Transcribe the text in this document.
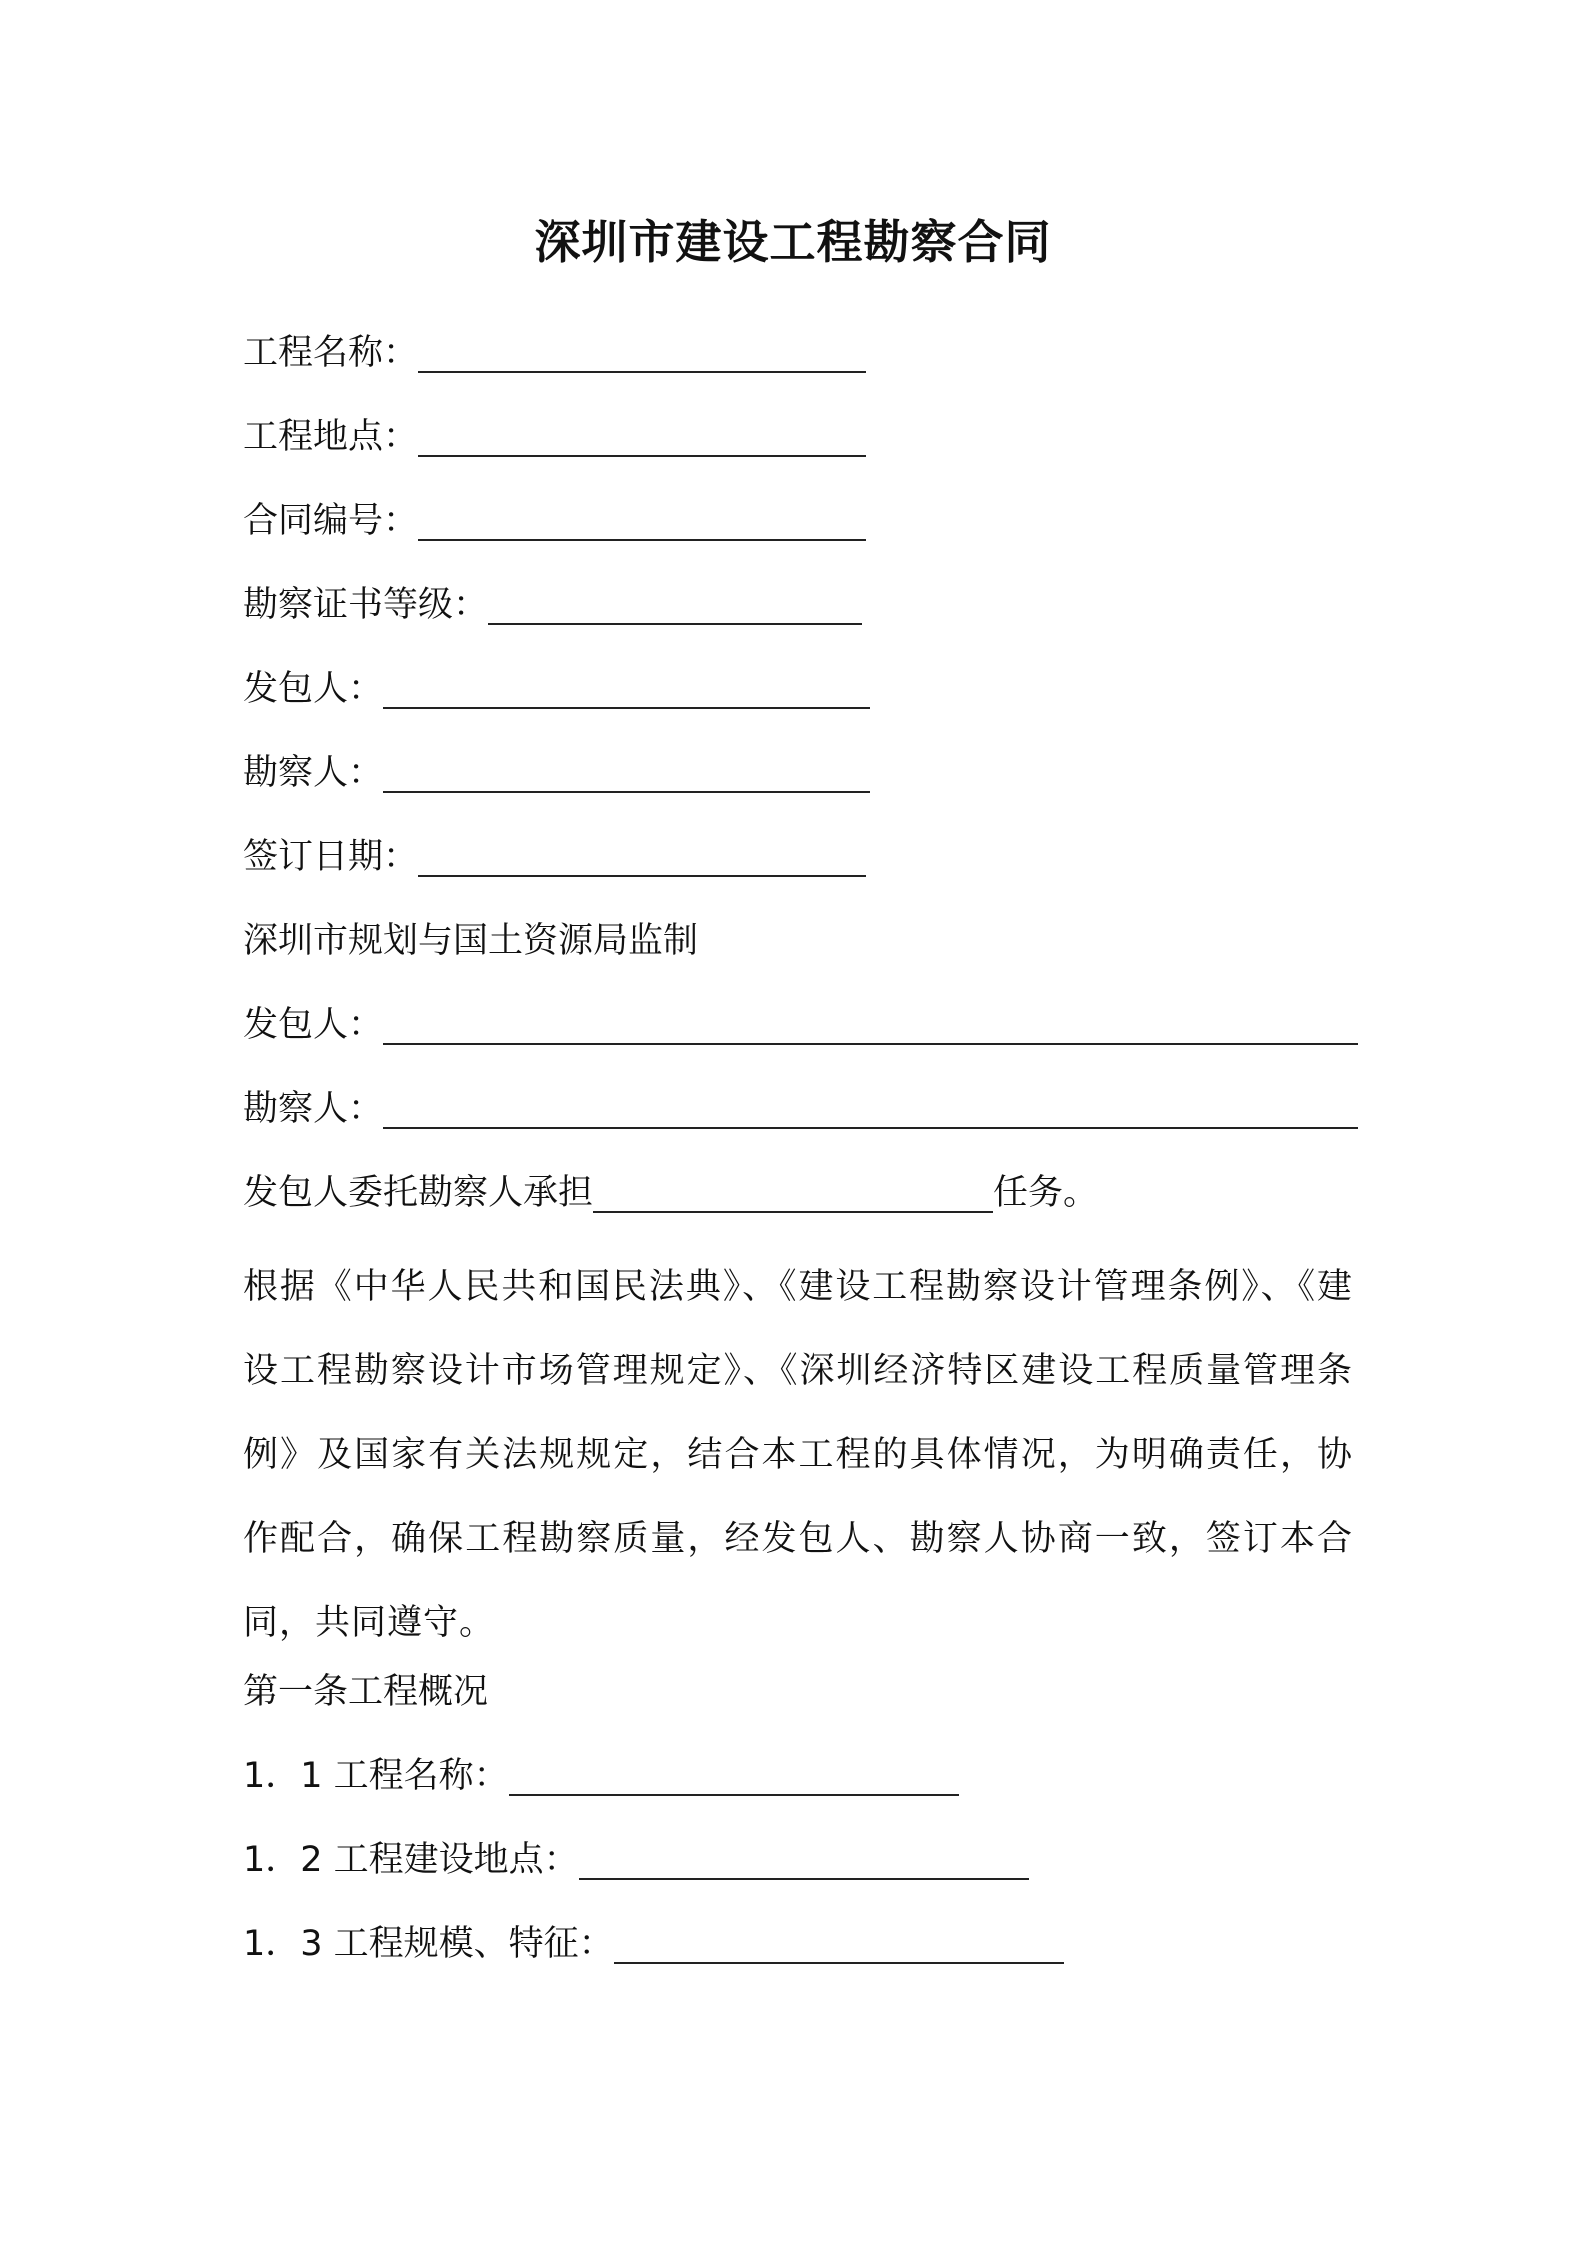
深圳市建设工程勘察合同
工程名称：
工程地点：
合同编号：
勘察证书等级：
发包人：
勘察人：
签订日期：
深圳市规划与国土资源局监制
发包人：
勘察人：
发包人委托勘察人承担	任务。
根据《中华人民共和国民法典》、《建设工程勘察设计管理条例》、《建设工程勘察设计市场管理规定》、《深圳经济特区建设工程质量管理条例》及国家有关法规规定，结合本工程的具体情况，为明确责任，协作配合，确保工程勘察质量，经发包人、勘察人协商一致，签订本合同，共同遵守。
第一条工程概况
1．1 工程名称：
1．2 工程建设地点：
1．3 工程规模、特征：
